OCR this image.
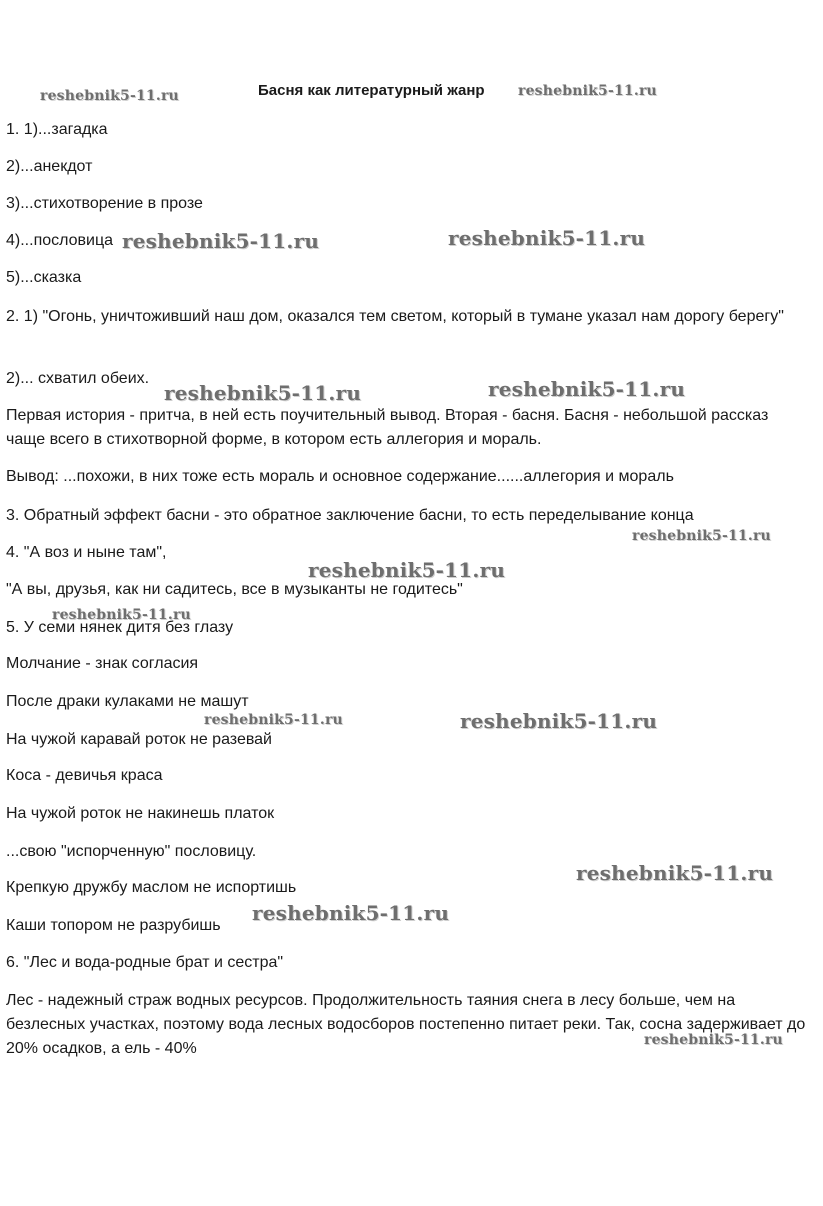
Басня как литературный жанр
1. 1)...загадка
2)...анекдот
3)...стихотворение в прозе
4)...пословица
5)...сказка
2. 1) "Огонь, уничтоживший наш дом, оказался тем светом, который в тумане указал нам дорогу берегу"
2)... схватил обеих.
Первая история - притча, в ней есть поучительный вывод. Вторая - басня. Басня - небольшой рассказ чаще всего в стихотворной форме, в котором есть аллегория и мораль.
Вывод: ...похожи, в них тоже есть мораль и основное содержание......аллегория и мораль
3. Обратный эффект басни - это обратное заключение басни, то есть переделывание конца
4. "А воз и ныне там",
"А вы, друзья, как ни садитесь, все в музыканты не годитесь"
5. У семи нянек дитя без глазу
Молчание - знак согласия
После драки кулаками не машут
На чужой каравай роток не разевай
Коса - девичья краса
На чужой роток не накинешь платок
...свою "испорченную" пословицу.
Крепкую дружбу маслом не испортишь
Каши топором не разрубишь
6. "Лес и вода-родные брат и сестра"
Лес - надежный страж водных ресурсов. Продолжительность таяния снега в лесу больше, чем на безлесных участках, поэтому вода лесных водосборов постепенно питает реки. Так, сосна задерживает до 20% осадков, а ель - 40%
reshebnik5-11.ru	reshebnik5-11.ru
reshebnik5-11.ru	reshebnik5-11.ru
reshebnik5-11.ru	reshebnik5-11.ru
reshebnik5-11.ru
reshebnik5-11.ru
reshebnik5-11.ru
reshebnik5-11.ru	reshebnik5-11.ru
reshebnik5-11.ru
reshebnik5-11.ru
reshebnik5-11.ru
